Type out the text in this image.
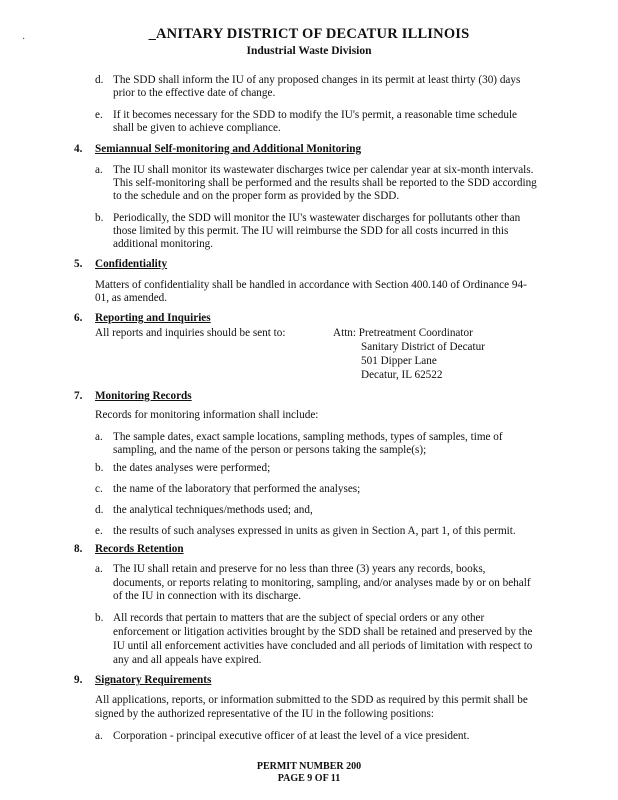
·	_ANITARY DISTRICT OF DECATUR ILLINOIS
Industrial Waste Division
d. The SDD shall inform the IU of any proposed changes in its permit at least thirty (30) days
prior to the effective date of change.
e. If it becomes necessary for the SDD to modify the IU's permit, a reasonable time schedule
shall be given to achieve compliance.
4. Semiannual Self-monitoring and Additional Monitoring
a. The IU shall monitor its wastewater discharges twice per calendar year at six-month intervals.
This self-monitoring shall be performed and the results shall be reported to the SDD according
to the schedule and on the proper form as provided by the SDD.
b. Periodically, the SDD will monitor the IU's wastewater discharges for pollutants other than
those limited by this permit. The IU will reimburse the SDD for all costs incurred in this
additional monitoring.
5. Confidentiality
Matters of confidentiality shall be handled in accordance with Section 400.140 of Ordinance 94-
01, as amended.
6. Reporting and Inquiries
All reports and inquiries should be sent to:	Attn: Pretreatment Coordinator
Sanitary District of Decatur
501 Dipper Lane
Decatur, IL 62522
7. Monitoring Records
Records for monitoring information shall include:
a. The sample dates, exact sample locations, sampling methods, types of samples, time of
sampling, and the name of the person or persons taking the sample(s);
b. the dates analyses were performed;
c. the name of the laboratory that performed the analyses;
d. the analytical techniques/methods used; and,
e. the results of such analyses expressed in units as given in Section A, part 1, of this permit.
8. Records Retention
a. The IU shall retain and preserve for no less than three (3) years any records, books,
documents, or reports relating to monitoring, sampling, and/or analyses made by or on behalf
of the IU in connection with its discharge.
b. All records that pertain to matters that are the subject of special orders or any other
enforcement or litigation activities brought by the SDD shall be retained and preserved by the
IU until all enforcement activities have concluded and all periods of limitation with respect to
any and all appeals have expired.
9. Signatory Requirements
All applications, reports, or information submitted to the SDD as required by this permit shall be
signed by the authorized representative of the IU in the following positions:
a. Corporation - principal executive officer of at least the level of a vice president.
PERMIT NUMBER 200
PAGE 9 OF 11
